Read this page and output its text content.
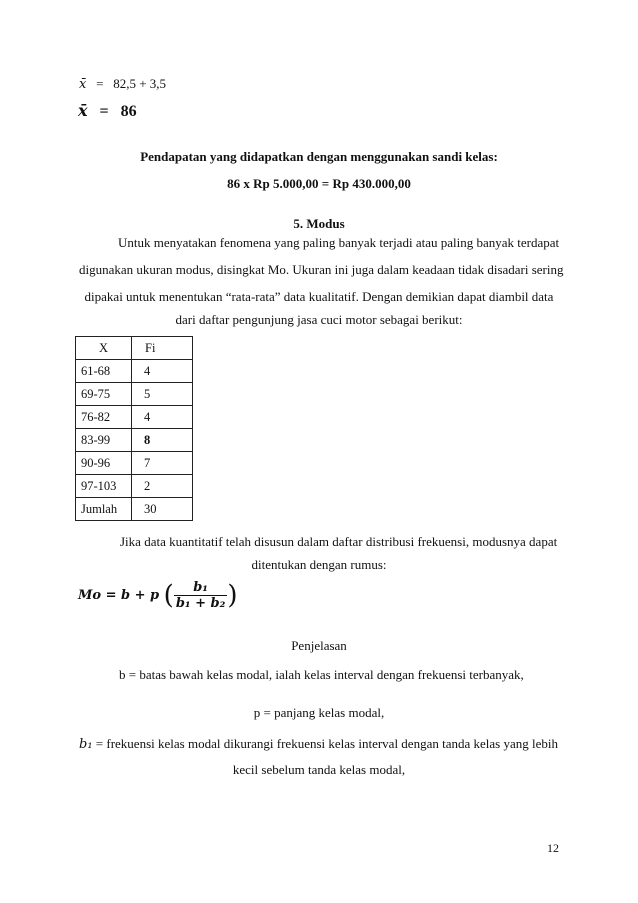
x̄ = 82,5 + 3,5
x̄ = 86
Pendapatan yang didapatkan dengan menggunakan sandi kelas:
86 x Rp 5.000,00 = Rp 430.000,00
5. Modus
Untuk menyatakan fenomena yang paling banyak terjadi atau paling banyak terdapat
digunakan ukuran modus, disingkat Mo. Ukuran ini juga dalam keadaan tidak disadari sering
dipakai untuk menentukan “rata-rata” data kualitatif. Dengan demikian dapat diambil data
dari daftar pengunjung jasa cuci motor sebagai berikut:
X	Fi
61-68	4
69-75	5
76-82	4
83-99	8
90-96	7
97-103	2
Jumlah	30
Jika data kuantitatif telah disusun dalam daftar distribusi frekuensi, modusnya dapat
ditentukan dengan rumus:
Mo = b + p ( $\frac{\text{b₁}}{\text{b₁ + b₂}}$ )
Penjelasan
b = batas bawah kelas modal, ialah kelas interval dengan frekuensi terbanyak,
p = panjang kelas modal,
b₁ = frekuensi kelas modal dikurangi frekuensi kelas interval dengan tanda kelas yang lebih
kecil sebelum tanda kelas modal,
12
